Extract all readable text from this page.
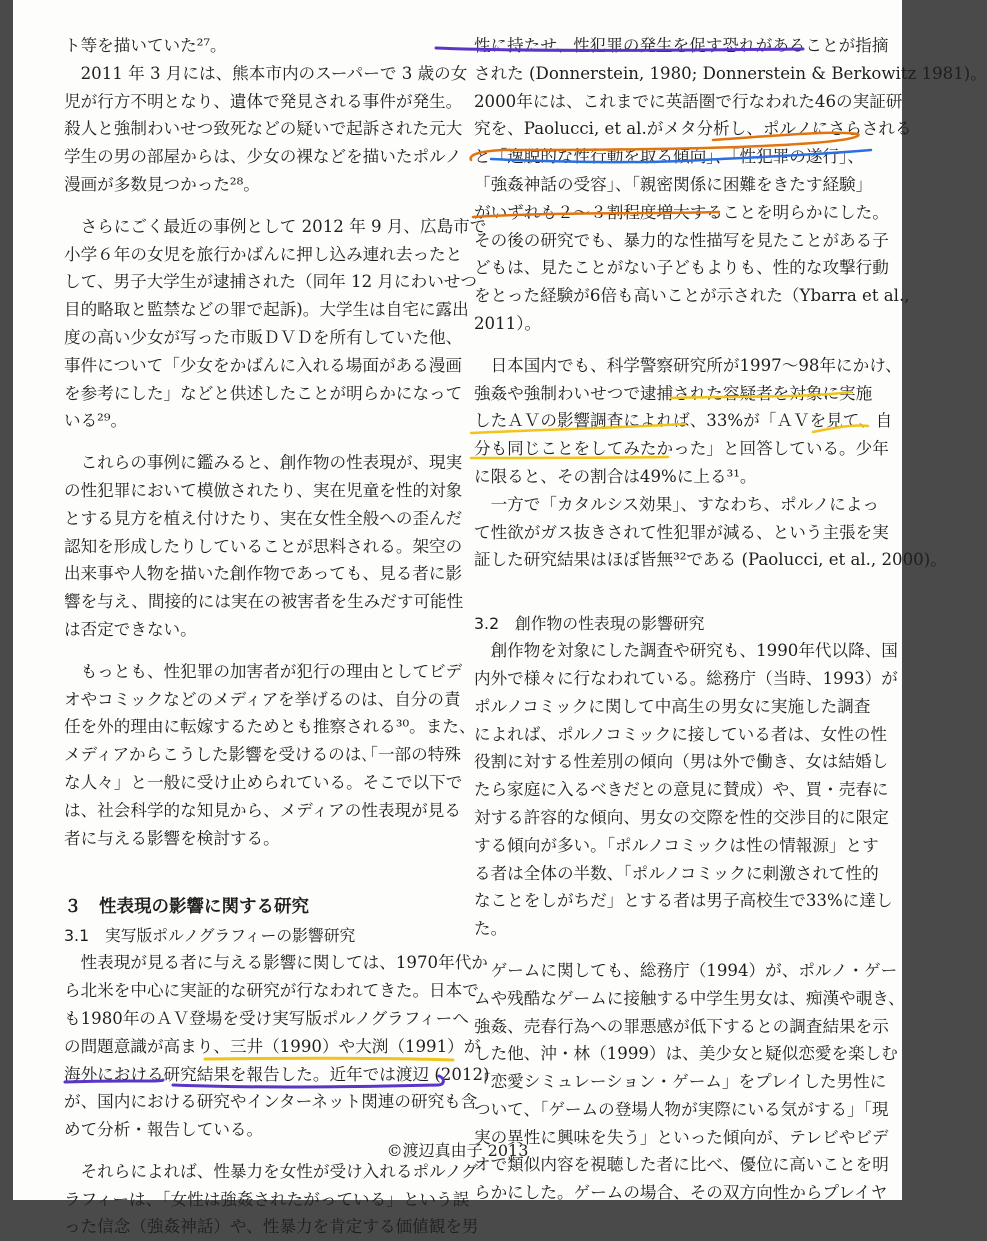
ト等を描いていた²⁷。
　2011 年 3 月には、熊本市内のスーパーで 3 歳の女
児が行方不明となり、遺体で発見される事件が発生。
殺人と強制わいせつ致死などの疑いで起訴された元大
学生の男の部屋からは、少女の裸などを描いたポルノ
漫画が多数見つかった²⁸。
　さらにごく最近の事例として 2012 年 9 月、広島市で
小学６年の女児を旅行かばんに押し込み連れ去ったと
して、男子大学生が逮捕された（同年 12 月にわいせつ
目的略取と監禁などの罪で起訴)。大学生は自宅に露出
度の高い少女が写った市販ＤＶＤを所有していた他、
事件について「少女をかばんに入れる場面がある漫画
を参考にした」などと供述したことが明らかになって
いる²⁹。
　これらの事例に鑑みると、創作物の性表現が、現実
の性犯罪において模倣されたり、実在児童を性的対象
とする見方を植え付けたり、実在女性全般への歪んだ
認知を形成したりしていることが思料される。架空の
出来事や人物を描いた創作物であっても、見る者に影
響を与え、間接的には実在の被害者を生みだす可能性
は否定できない。
　もっとも、性犯罪の加害者が犯行の理由としてビデ
オやコミックなどのメディアを挙げるのは、自分の責
任を外的理由に転嫁するためとも推察される³⁰。また、
メディアからこうした影響を受けるのは､｢一部の特殊
な人々」と一般に受け止められている。そこで以下で
は、社会科学的な知見から、メディアの性表現が見る
者に与える影響を検討する。
３　性表現の影響に関する研究
3.1　実写版ポルノグラフィーの影響研究
　性表現が見る者に与える影響に関しては、1970年代か
ら北米を中心に実証的な研究が行なわれてきた。日本で
も1980年のＡＶ登場を受け実写版ポルノグラフィーへ
の問題意識が高まり、三井（1990）や大渕（1991）が
海外における研究結果を報告した。近年では渡辺 (2012)
が、国内における研究やインターネット関連の研究も含
めて分析・報告している。
　それらによれば、性暴力を女性が受け入れるポルノグ
ラフィーは、「女性は強姦されたがっている」という誤
った信念（強姦神話）や、性暴力を肯定する価値観を男
性に持たせ、性犯罪の発生を促す恐れがあることが指摘
された (Donnerstein, 1980; Donnerstein & Berkowitz 1981)。
2000年には、これまでに英語圏で行なわれた46の実証研
究を、Paolucci, et al.がメタ分析し、ポルノにさらされる
と「逸脱的な性行動を取る傾向」、「性犯罪の遂行」、
「強姦神話の受容」、「親密関係に困難をきたす経験」
がいずれも２～３割程度増大することを明らかにした。
その後の研究でも、暴力的な性描写を見たことがある子
どもは、見たことがない子どもよりも、性的な攻撃行動
をとった経験が6倍も高いことが示された（Ybarra et al.,
2011）。
　日本国内でも、科学警察研究所が1997～98年にかけ、
強姦や強制わいせつで逮捕された容疑者を対象に実施
したＡＶの影響調査によれば、33%が「ＡＶを見て、自
分も同じことをしてみたかった」と回答している。少年
に限ると、その割合は49%に上る³¹。
　一方で「カタルシス効果」、すなわち、ポルノによっ
て性欲がガス抜きされて性犯罪が減る、という主張を実
証した研究結果はほぼ皆無³²である (Paolucci, et al., 2000)。
3.2　創作物の性表現の影響研究
　創作物を対象にした調査や研究も、1990年代以降、国
内外で様々に行なわれている。総務庁（当時、1993）が
ポルノコミックに関して中高生の男女に実施した調査
によれば、ポルノコミックに接している者は、女性の性
役割に対する性差別の傾向（男は外で働き、女は結婚し
たら家庭に入るべきだとの意見に賛成）や、買・売春に
対する許容的な傾向、男女の交際を性的交渉目的に限定
する傾向が多い。「ポルノコミックは性の情報源」とす
る者は全体の半数、「ポルノコミックに刺激されて性的
なことをしがちだ」とする者は男子高校生で33%に達し
た。
　ゲームに関しても、総務庁（1994）が、ポルノ・ゲー
ムや残酷なゲームに接触する中学生男女は、痴漢や覗き、
強姦、売春行為への罪悪感が低下するとの調査結果を示
した他、沖・林（1999）は、美少女と疑似恋愛を楽しむ
「恋愛シミュレーション・ゲーム」をプレイした男性に
ついて、「ゲームの登場人物が実際にいる気がする」「現
実の異性に興味を失う」といった傾向が、テレビやビデ
オで類似内容を視聴した者に比べ、優位に高いことを明
らかにした。ゲームの場合、その双方向性からプレイヤ
©渡辺真由子 2013
